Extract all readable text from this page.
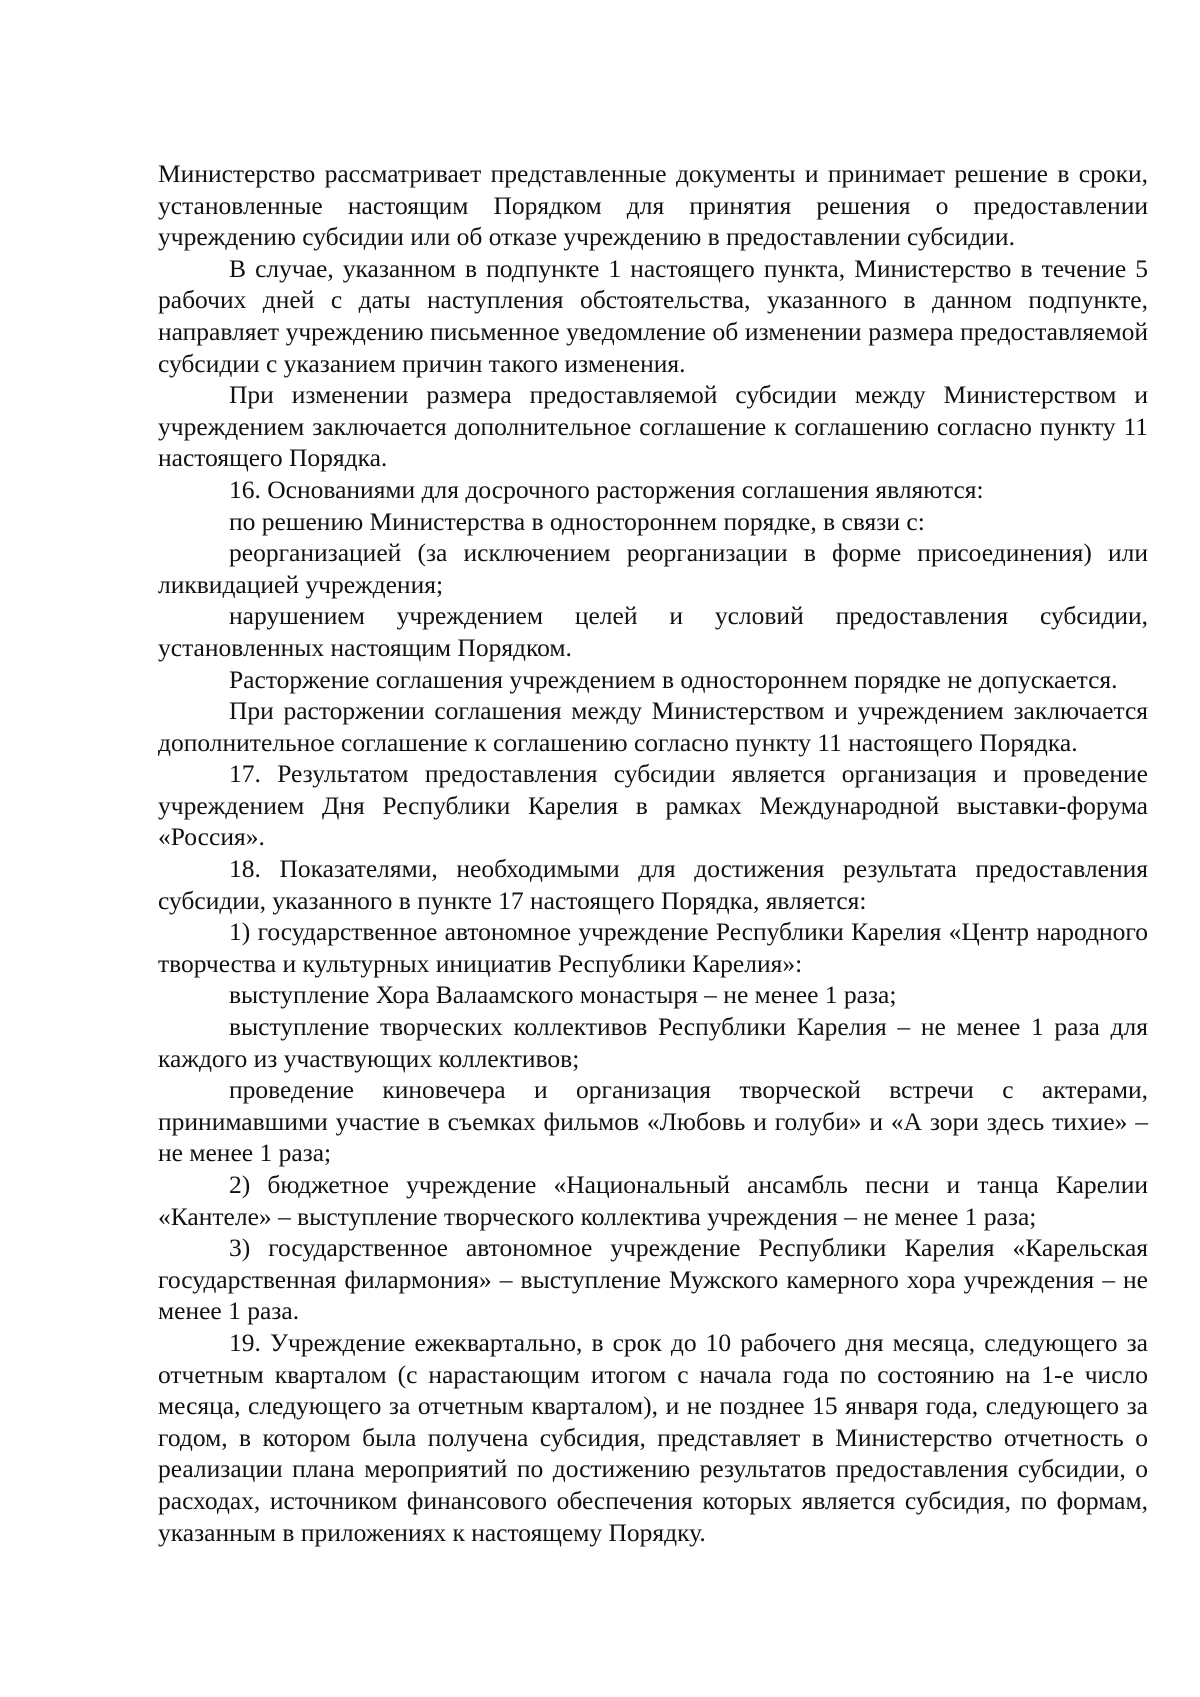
Министерство рассматривает представленные документы и принимает решение в сроки, установленные настоящим Порядком для принятия решения о предоставлении учреждению субсидии или об отказе учреждению в предоставлении субсидии.

В случае, указанном в подпункте 1 настоящего пункта, Министерство в течение 5 рабочих дней с даты наступления обстоятельства, указанного в данном подпункте, направляет учреждению письменное уведомление об изменении размера предоставляемой субсидии с указанием причин такого изменения.

При изменении размера предоставляемой субсидии между Министерством и учреждением заключается дополнительное соглашение к соглашению согласно пункту 11 настоящего Порядка.

16. Основаниями для досрочного расторжения соглашения являются:

по решению Министерства в одностороннем порядке, в связи с:

реорганизацией (за исключением реорганизации в форме присоединения) или ликвидацией учреждения;

нарушением учреждением целей и условий предоставления субсидии, установленных настоящим Порядком.

Расторжение соглашения учреждением в одностороннем порядке не допускается.

При расторжении соглашения между Министерством и учреждением заключается дополнительное соглашение к соглашению согласно пункту 11 настоящего Порядка.

17. Результатом предоставления субсидии является организация и проведение учреждением Дня Республики Карелия в рамках Международной выставки-форума «Россия».

18. Показателями, необходимыми для достижения результата предоставления субсидии, указанного в пункте 17 настоящего Порядка, является:

1) государственное автономное учреждение Республики Карелия «Центр народного творчества и культурных инициатив Республики Карелия»:

выступление Хора Валаамского монастыря – не менее 1 раза;

выступление творческих коллективов Республики Карелия – не менее 1 раза для каждого из участвующих коллективов;

проведение киновечера и организация творческой встречи с актерами, принимавшими участие в съемках фильмов «Любовь и голуби» и «А зори здесь тихие» – не менее 1 раза;

2) бюджетное учреждение «Национальный ансамбль песни и танца Карелии «Кантеле» – выступление творческого коллектива учреждения – не менее 1 раза;

3) государственное автономное учреждение Республики Карелия «Карельская государственная филармония» – выступление Мужского камерного хора учреждения – не менее 1 раза.

19. Учреждение ежеквартально, в срок до 10 рабочего дня месяца, следующего за отчетным кварталом (с нарастающим итогом с начала года по состоянию на 1-е число месяца, следующего за отчетным кварталом), и не позднее 15 января года, следующего за годом, в котором была получена субсидия, представляет в Министерство отчетность о реализации плана мероприятий по достижению результатов предоставления субсидии, о расходах, источником финансового обеспечения которых является субсидия, по формам, указанным в приложениях к настоящему Порядку.
